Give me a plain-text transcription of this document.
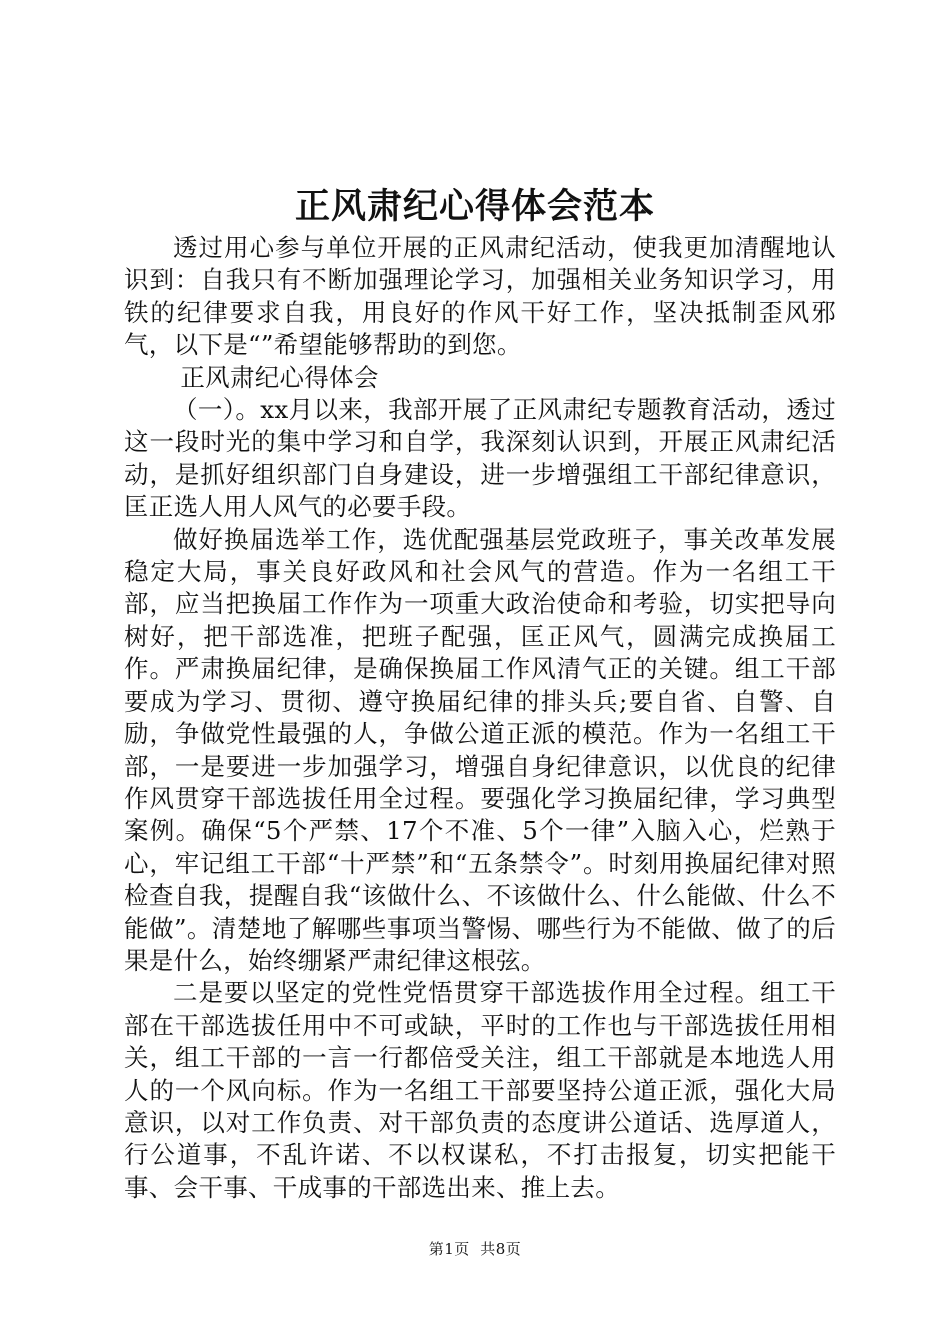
正风肃纪心得体会范本

透过用心参与单位开展的正风肃纪活动，使我更加清醒地认识到：自我只有不断加强理论学习，加强相关业务知识学习，用铁的纪律要求自我，用良好的作风干好工作，坚决抵制歪风邪气，以下是“”希望能够帮助的到您。

正风肃纪心得体会

（一）。xx月以来，我部开展了正风肃纪专题教育活动，透过这一段时光的集中学习和自学，我深刻认识到，开展正风肃纪活动，是抓好组织部门自身建设，进一步增强组工干部纪律意识，匡正选人用人风气的必要手段。

做好换届选举工作，选优配强基层党政班子，事关改革发展稳定大局，事关良好政风和社会风气的营造。作为一名组工干部，应当把换届工作作为一项重大政治使命和考验，切实把导向树好，把干部选准，把班子配强，匡正风气，圆满完成换届工作。严肃换届纪律，是确保换届工作风清气正的关键。组工干部要成为学习、贯彻、遵守换届纪律的排头兵;要自省、自警、自励，争做党性最强的人，争做公道正派的模范。作为一名组工干部，一是要进一步加强学习，增强自身纪律意识，以优良的纪律作风贯穿干部选拔任用全过程。要强化学习换届纪律，学习典型案例。确保“5个严禁、17个不准、5个一律”入脑入心，烂熟于心，牢记组工干部“十严禁”和“五条禁令”。时刻用换届纪律对照检查自我，提醒自我“该做什么、不该做什么、什么能做、什么不能做”。清楚地了解哪些事项当警惕、哪些行为不能做、做了的后果是什么，始终绷紧严肃纪律这根弦。

二是要以坚定的党性党悟贯穿干部选拔作用全过程。组工干部在干部选拔任用中不可或缺，平时的工作也与干部选拔任用相关，组工干部的一言一行都倍受关注，组工干部就是本地选人用人的一个风向标。作为一名组工干部要坚持公道正派，强化大局意识，以对工作负责、对干部负责的态度讲公道话、选厚道人，行公道事，不乱许诺、不以权谋私，不打击报复，切实把能干事、会干事、干成事的干部选出来、推上去。

第1页  共8页
